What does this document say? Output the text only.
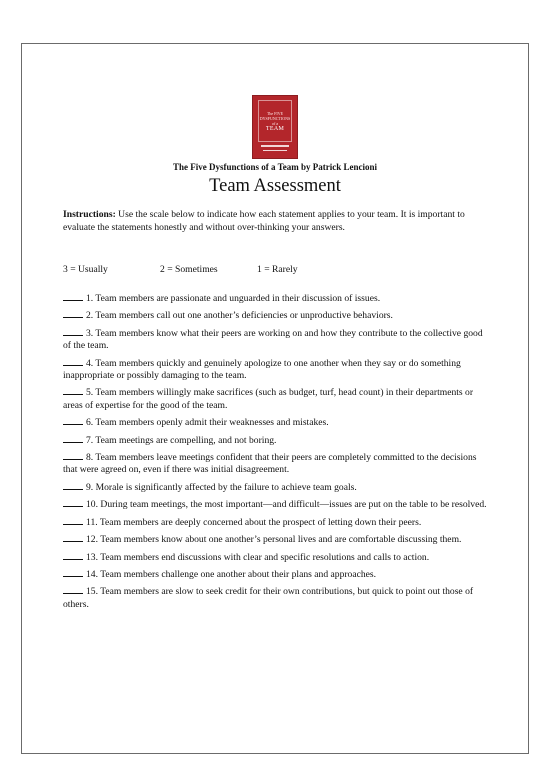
The FIVE
DYSFUNCTIONS
of a
TEAM
The Five Dysfunctions of a Team by Patrick Lencioni
Team Assessment
Instructions: Use the scale below to indicate how each statement applies to your team. It is important to evaluate the statements honestly and without over-thinking your answers.
3 = Usually	2 = Sometimes	1 = Rarely
1. Team members are passionate and unguarded in their discussion of issues.
2. Team members call out one another’s deficiencies or unproductive behaviors.
3. Team members know what their peers are working on and how they contribute to the collective good of the team.
4. Team members quickly and genuinely apologize to one another when they say or do something inappropriate or possibly damaging to the team.
5. Team members willingly make sacrifices (such as budget, turf, head count) in their departments or areas of expertise for the good of the team.
6. Team members openly admit their weaknesses and mistakes.
7. Team meetings are compelling, and not boring.
8. Team members leave meetings confident that their peers are completely committed to the decisions that were agreed on, even if there was initial disagreement.
9. Morale is significantly affected by the failure to achieve team goals.
10. During team meetings, the most important—and difficult—issues are put on the table to be resolved.
11. Team members are deeply concerned about the prospect of letting down their peers.
12. Team members know about one another’s personal lives and are comfortable discussing them.
13. Team members end discussions with clear and specific resolutions and calls to action.
14. Team members challenge one another about their plans and approaches.
15. Team members are slow to seek credit for their own contributions, but quick to point out those of others.
